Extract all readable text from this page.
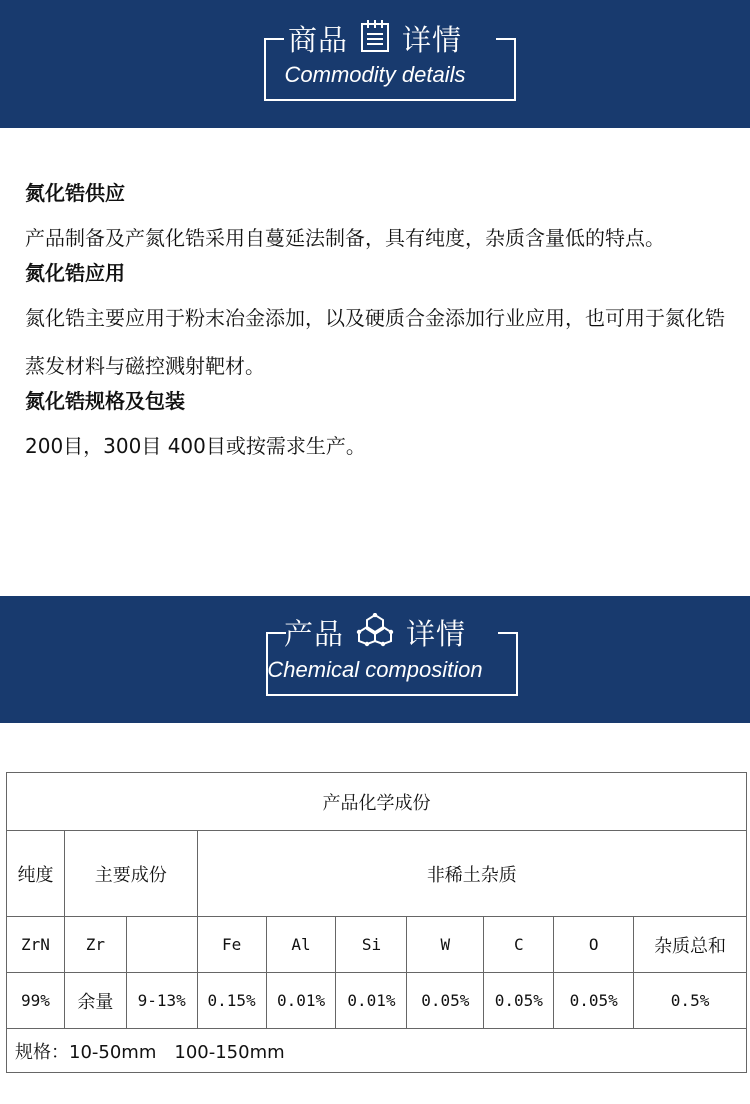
商品 详情
Commodity details
氮化锆供应
产品制备及产氮化锆采用自蔓延法制备，具有纯度，杂质含量低的特点。
氮化锆应用
氮化锆主要应用于粉末冶金添加，以及硬质合金添加行业应用，也可用于氮化锆蒸发材料与磁控溅射靶材。
氮化锆规格及包装
200目，300目 400目或按需求生产。
产品 详情
Chemical composition
产品化学成份									
纯度	主要成份		非稀土杂质						
ZrN	Zr		Fe	Al	Si	W	C	O	杂质总和
99%	余量	9-13%	0.15%	0.01%	0.01%	0.05%	0.05%	0.05%	0.5%
规格：10-50mm　100-150mm									
